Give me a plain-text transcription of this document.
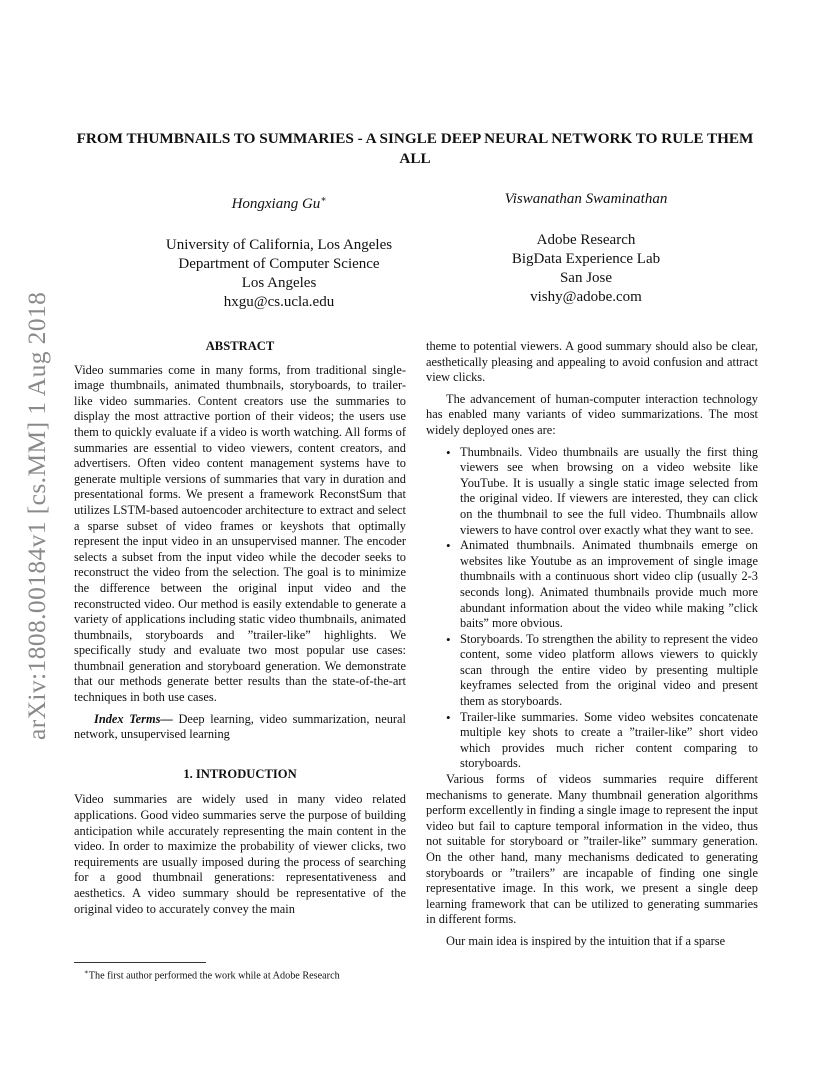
arXiv:1808.00184v1 [cs.MM] 1 Aug 2018
FROM THUMBNAILS TO SUMMARIES - A SINGLE DEEP NEURAL NETWORK TO RULE THEM ALL
Hongxiang Gu∗
University of California, Los Angeles
Department of Computer Science
Los Angeles
hxgu@cs.ucla.edu
Viswanathan Swaminathan
Adobe Research
BigData Experience Lab
San Jose
vishy@adobe.com
ABSTRACT

Video summaries come in many forms, from traditional single-image thumbnails, animated thumbnails, storyboards, to trailer-like video summaries. Content creators use the summaries to display the most attractive portion of their videos; the users use them to quickly evaluate if a video is worth watching. All forms of summaries are essential to video viewers, content creators, and advertisers. Often video content management systems have to generate multiple versions of summaries that vary in duration and presentational forms. We present a framework ReconstSum that utilizes LSTM-based autoencoder architecture to extract and select a sparse subset of video frames or keyshots that optimally represent the input video in an unsupervised manner. The encoder selects a subset from the input video while the decoder seeks to reconstruct the video from the selection. The goal is to minimize the difference between the original input video and the reconstructed video. Our method is easily extendable to generate a variety of applications including static video thumbnails, animated thumbnails, storyboards and ”trailer-like” highlights. We specifically study and evaluate two most popular use cases: thumbnail generation and storyboard generation. We demonstrate that our methods generate better results than the state-of-the-art techniques in both use cases.

Index Terms— Deep learning, video summarization, neural network, unsupervised learning

1. INTRODUCTION

Video summaries are widely used in many video related applications. Good video summaries serve the purpose of building anticipation while accurately representing the main content in the video. In order to maximize the probability of viewer clicks, two requirements are usually imposed during the process of searching for a good thumbnail generations: representativeness and aesthetics. A video summary should be representative of the original video to accurately convey the main

theme to potential viewers. A good summary should also be clear, aesthetically pleasing and appealing to avoid confusion and attract view clicks.

The advancement of human-computer interaction technology has enabled many variants of video summarizations. The most widely deployed ones are:

• Thumbnails. Video thumbnails are usually the first thing viewers see when browsing on a video website like YouTube. It is usually a single static image selected from the original video. If viewers are interested, they can click on the thumbnail to see the full video. Thumbnails allow viewers to have control over exactly what they want to see.
• Animated thumbnails. Animated thumbnails emerge on websites like Youtube as an improvement of single image thumbnails with a continuous short video clip (usually 2-3 seconds long). Animated thumbnails provide much more abundant information about the video while making ”click baits” more obvious.
• Storyboards. To strengthen the ability to represent the video content, some video platform allows viewers to quickly scan through the entire video by presenting multiple keyframes selected from the original video and present them as storyboards.
• Trailer-like summaries. Some video websites concatenate multiple key shots to create a ”trailer-like” short video which provides much richer content comparing to storyboards.

Various forms of videos summaries require different mechanisms to generate. Many thumbnail generation algorithms perform excellently in finding a single image to represent the input video but fail to capture temporal information in the video, thus not suitable for storyboard or ”trailer-like” summary generation. On the other hand, many mechanisms dedicated to generating storyboards or ”trailers” are incapable of finding one single representative image. In this work, we present a single deep learning framework that can be utilized to generating summaries in different forms.

Our main idea is inspired by the intuition that if a sparse

∗The first author performed the work while at Adobe Research
